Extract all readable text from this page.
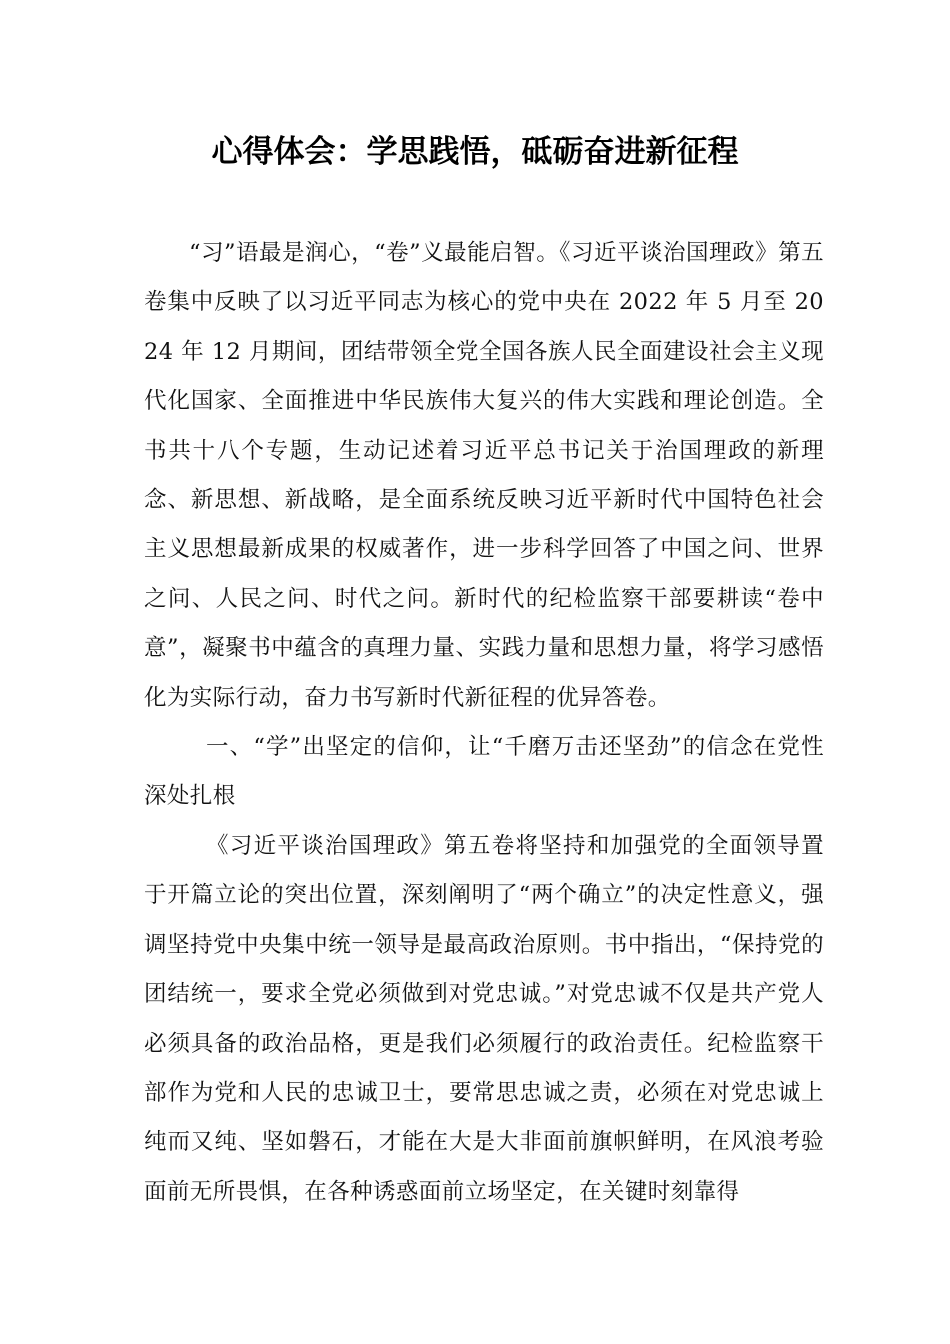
心得体会：学思践悟，砥砺奋进新征程

“习”语最是润心，“卷”义最能启智。《习近平谈治国理政》第五卷集中反映了以习近平同志为核心的党中央在 2022 年 5 月至 2024 年 12 月期间，团结带领全党全国各族人民全面建设社会主义现代化国家、全面推进中华民族伟大复兴的伟大实践和理论创造。全书共十八个专题，生动记述着习近平总书记关于治国理政的新理念、新思想、新战略，是全面系统反映习近平新时代中国特色社会主义思想最新成果的权威著作，进一步科学回答了中国之问、世界之问、人民之问、时代之问。新时代的纪检监察干部要耕读“卷中意”，凝聚书中蕴含的真理力量、实践力量和思想力量，将学习感悟化为实际行动，奋力书写新时代新征程的优异答卷。

一、“学”出坚定的信仰，让“千磨万击还坚劲”的信念在党性深处扎根

《习近平谈治国理政》第五卷将坚持和加强党的全面领导置于开篇立论的突出位置，深刻阐明了“两个确立”的决定性意义，强调坚持党中央集中统一领导是最高政治原则。书中指出，“保持党的团结统一，要求全党必须做到对党忠诚。”对党忠诚不仅是共产党人必须具备的政治品格，更是我们必须履行的政治责任。纪检监察干部作为党和人民的忠诚卫士，要常思忠诚之责，必须在对党忠诚上纯而又纯、坚如磐石，才能在大是大非面前旗帜鲜明，在风浪考验面前无所畏惧，在各种诱惑面前立场坚定，在关键时刻靠得
